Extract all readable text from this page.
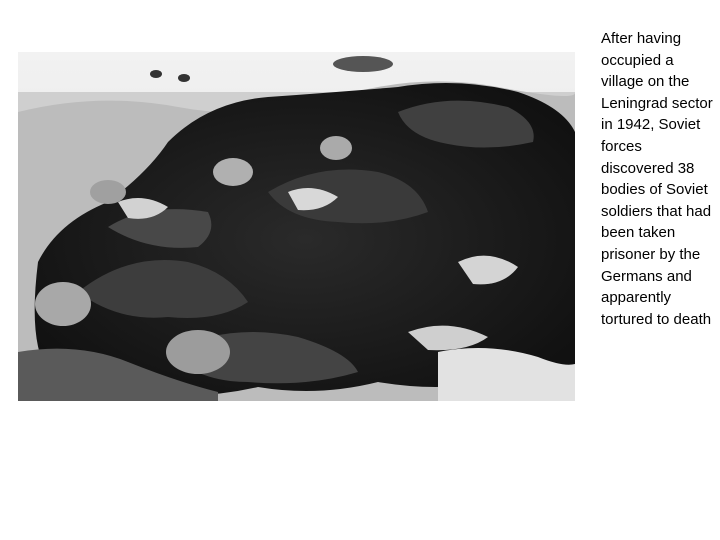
After having occupied a village on the Leningrad sector in 1942, Soviet forces discovered 38 bodies of Soviet soldiers that had been taken prisoner by the Germans and apparently tortured to death
